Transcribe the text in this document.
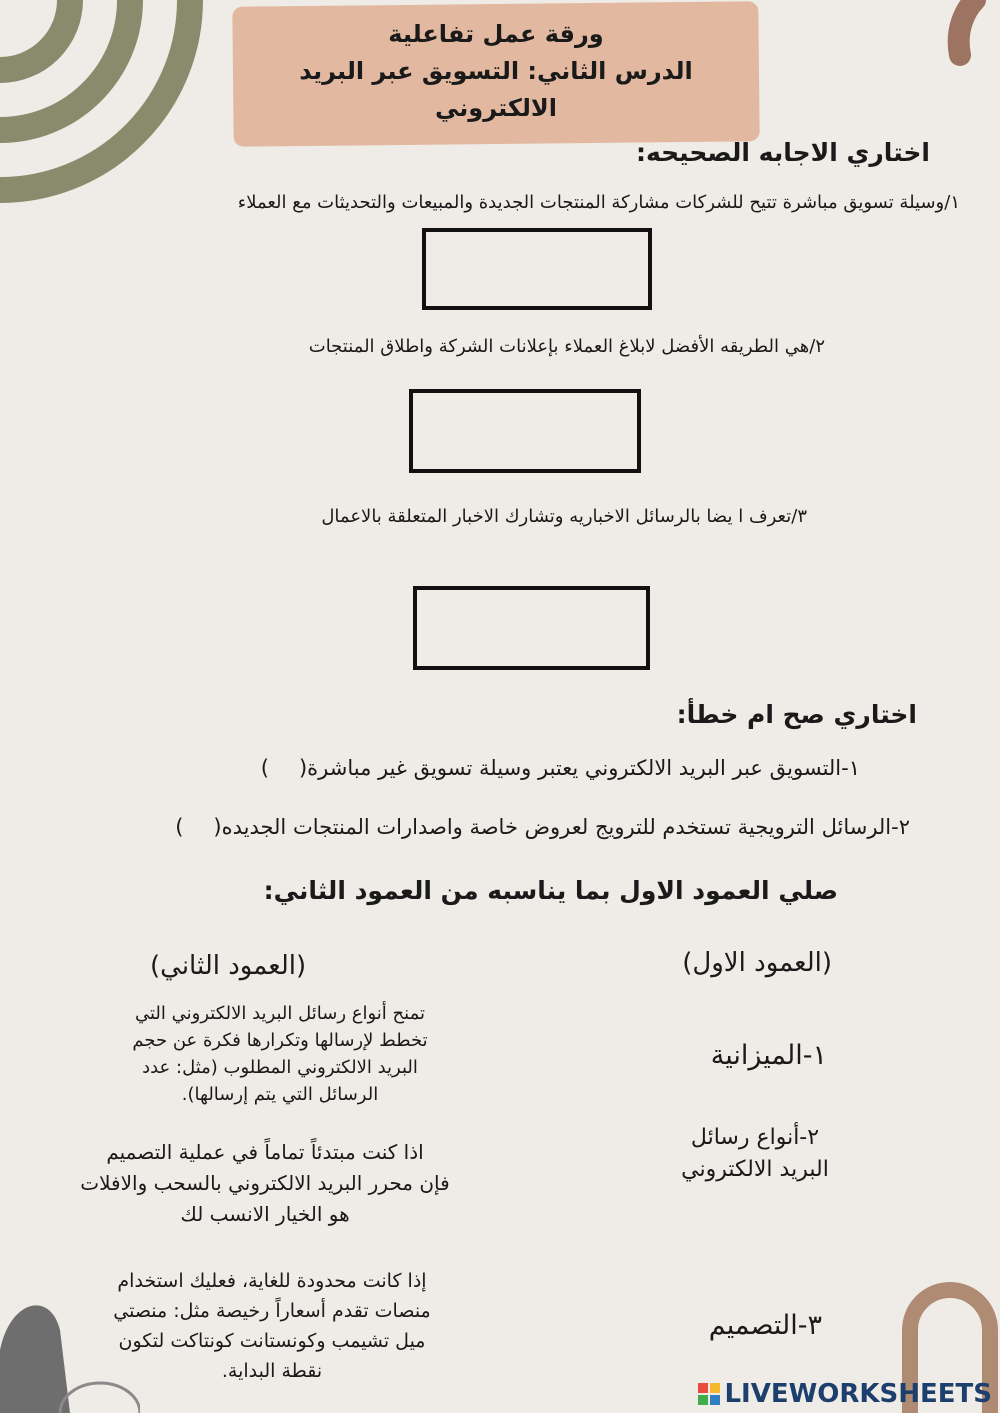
ورقة عمل تفاعلية
الدرس الثاني: التسويق عبر البريد
الالكتروني
اختاري الاجابه الصحيحه:
١/وسيلة تسويق مباشرة تتيح للشركات مشاركة المنتجات الجديدة والمبيعات والتحديثات مع العملاء
٢/هي الطريقه الأفضل لابلاغ العملاء بإعلانات الشركة واطلاق المنتجات
٣/تعرف ا يضا بالرسائل الاخباريه وتشارك الاخبار المتعلقة بالاعمال
اختاري صح ام خطأ:
١-التسويق عبر البريد الالكتروني يعتبر وسيلة تسويق غير مباشرة()
٢-الرسائل الترويجية تستخدم للترويج لعروض خاصة واصدارات المنتجات الجديده()
صلي العمود الاول بما يناسبه من العمود الثاني:
(العمود الاول)
(العمود الثاني)
١-الميزانية
٢-أنواع رسائل
البريد الالكتروني
٣-التصميم
تمنح أنواع رسائل البريد الالكتروني التي
تخطط لإرسالها وتكرارها فكرة عن حجم
البريد الالكتروني المطلوب (مثل: عدد
الرسائل التي يتم إرسالها).
اذا كنت مبتدئاً تماماً في عملية التصميم
فإن محرر البريد الالكتروني بالسحب والافلات
هو الخيار الانسب لك
إذا كانت محدودة للغاية، فعليك استخدام
منصات تقدم أسعاراً رخيصة مثل: منصتي
ميل تشيمب وكونستانت كونتاكت لتكون
نقطة البداية.
LIVEWORKSHEETS
